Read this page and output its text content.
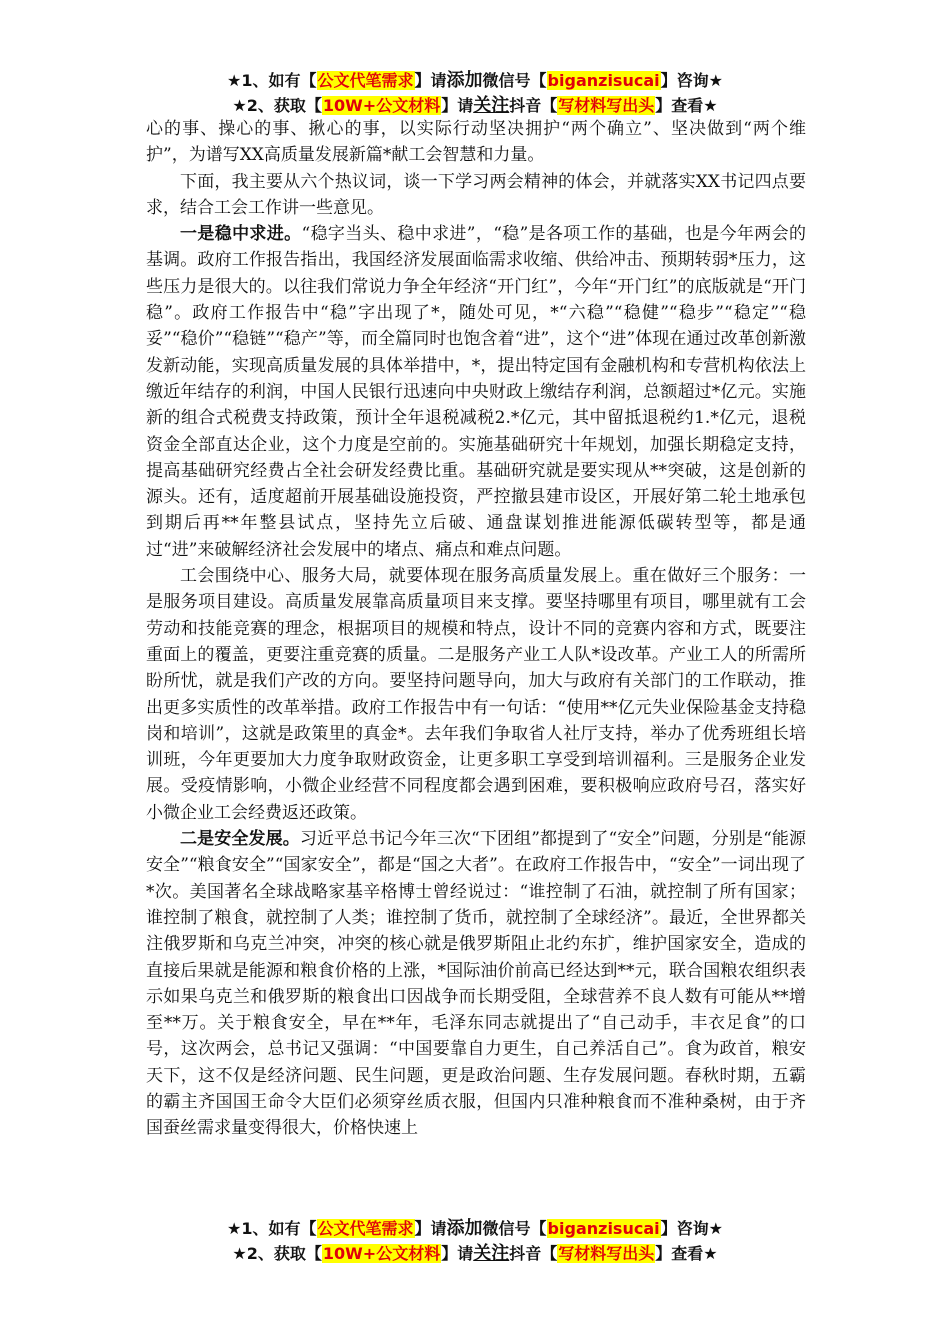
★1、如有【公文代笔需求】请添加微信号【biganzisucai】咨询★
★2、获取【10W+公文材料】请关注抖音【写材料写出头】查看★

心的事、操心的事、揪心的事，以实际行动坚决拥护“两个确立”、坚决做到“两个维护”，为谱写XX高质量发展新篇*献工会智慧和力量。

下面，我主要从六个热议词，谈一下学习两会精神的体会，并就落实XX书记四点要求，结合工会工作讲一些意见。

一是稳中求进。“稳字当头、稳中求进”，“稳”是各项工作的基础，也是今年两会的基调。政府工作报告指出，我国经济发展面临需求收缩、供给冲击、预期转弱*压力，这些压力是很大的。以往我们常说力争全年经济“开门红”，今年“开门红”的底版就是“开门稳”。政府工作报告中“稳”字出现了*，随处可见，*“六稳”“稳健”“稳步”“稳定”“稳妥”“稳价”“稳链”“稳产”等，而全篇同时也饱含着“进”，这个“进”体现在通过改革创新激发新动能，实现高质量发展的具体举措中，*，提出特定国有金融机构和专营机构依法上缴近年结存的利润，中国人民银行迅速向中央财政上缴结存利润，总额超过*亿元。实施新的组合式税费支持政策，预计全年退税减税2.*亿元，其中留抵退税约1.*亿元，退税资金全部直达企业，这个力度是空前的。实施基础研究十年规划，加强长期稳定支持，提高基础研究经费占全社会研发经费比重。基础研究就是要实现从**突破，这是创新的源头。还有，适度超前开展基础设施投资，严控撤县建市设区，开展好第二轮土地承包到期后再**年整县试点，坚持先立后破、通盘谋划推进能源低碳转型等，都是通过“进”来破解经济社会发展中的堵点、痛点和难点问题。

工会围绕中心、服务大局，就要体现在服务高质量发展上。重在做好三个服务：一是服务项目建设。高质量发展靠高质量项目来支撑。要坚持哪里有项目，哪里就有工会劳动和技能竞赛的理念，根据项目的规模和特点，设计不同的竞赛内容和方式，既要注重面上的覆盖，更要注重竞赛的质量。二是服务产业工人队*设改革。产业工人的所需所盼所忧，就是我们产改的方向。要坚持问题导向，加大与政府有关部门的工作联动，推出更多实质性的改革举措。政府工作报告中有一句话：“使用**亿元失业保险基金支持稳岗和培训”，这就是政策里的真金*。去年我们争取省人社厅支持，举办了优秀班组长培训班，今年更要加大力度争取财政资金，让更多职工享受到培训福利。三是服务企业发展。受疫情影响，小微企业经营不同程度都会遇到困难，要积极响应政府号召，落实好小微企业工会经费返还政策。

二是安全发展。习近平总书记今年三次“下团组”都提到了“安全”问题，分别是“能源安全”“粮食安全”“国家安全”，都是“国之大者”。在政府工作报告中，“安全”一词出现了*次。美国著名全球战略家基辛格博士曾经说过：“谁控制了石油，就控制了所有国家；谁控制了粮食，就控制了人类；谁控制了货币，就控制了全球经济”。最近，全世界都关注俄罗斯和乌克兰冲突，冲突的核心就是俄罗斯阻止北约东扩，维护国家安全，造成的直接后果就是能源和粮食价格的上涨，*国际油价前高已经达到**元，联合国粮农组织表示如果乌克兰和俄罗斯的粮食出口因战争而长期受阻，全球营养不良人数有可能从**增至**万。关于粮食安全，早在**年，毛泽东同志就提出了“自己动手，丰衣足食”的口号，这次两会，总书记又强调：“中国要靠自力更生，自己养活自己”。食为政首，粮安天下，这不仅是经济问题、民生问题，更是政治问题、生存发展问题。春秋时期，五霸的霸主齐国国王命令大臣们必须穿丝质衣服，但国内只准种粮食而不准种桑树，由于齐国蚕丝需求量变得很大，价格快速上

★1、如有【公文代笔需求】请添加微信号【biganzisucai】咨询★
★2、获取【10W+公文材料】请关注抖音【写材料写出头】查看★
